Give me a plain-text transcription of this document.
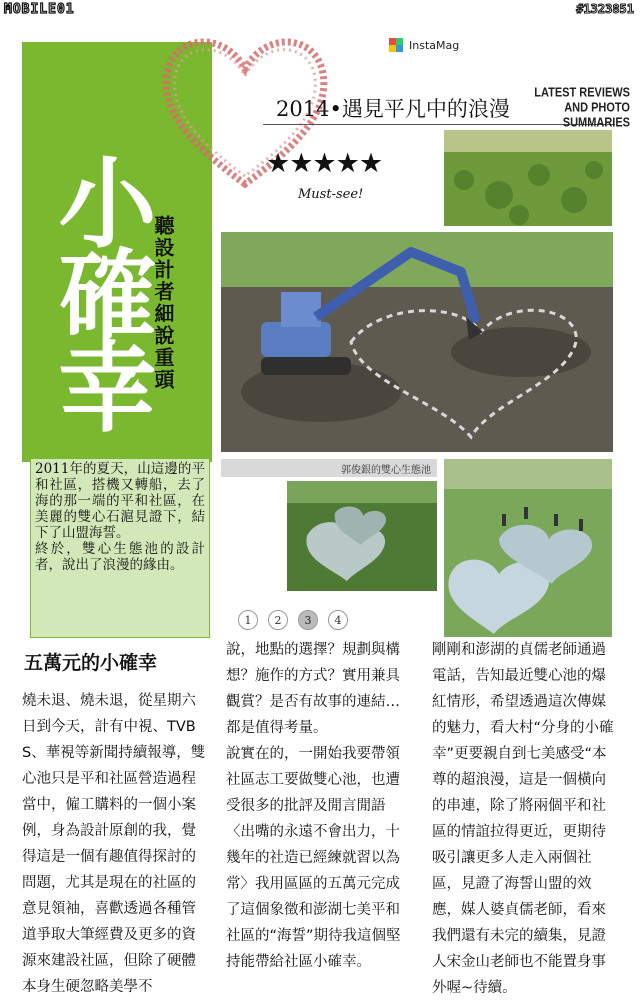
MOBILE01	#1323851
小確幸
聽設計者細說重頭

2011年的夏天，山這邊的平和社區，搭機又轉船，去了海的那一端的平和社區，在美麗的雙心石滬見證下，結下了山盟海誓。

終於，雙心生態池的設計者，說出了浪漫的緣由。

InstaMag
2014•遇見平凡中的浪漫
LATEST REVIEWS AND PHOTO SUMMARIES
★★★★★
Must-see!
郭俊銀的雙心生態池
1	2	3	4
五萬元的小確幸

燒未退、燒未退，從星期六日到今天，計有中視、TVBS、華視等新聞持續報導，雙心池只是平和社區營造過程當中，僱工購料的一個小案例，身為設計原創的我，覺得這是一個有趣值得探討的問題，尤其是現在的社區的意見領袖，喜歡透過各種管道爭取大筆經費及更多的資源來建設社區，但除了硬體本身生硬忽略美學不

說，地點的選擇？規劃與構想？施作的方式？實用兼具觀賞？是否有故事的連結…都是值得考量。

說實在的，一開始我要帶領社區志工要做雙心池，也遭受很多的批評及閒言閒語〈出嘴的永遠不會出力，十幾年的社造已經練就習以為常〉我用區區的五萬元完成了這個象徵和澎湖七美平和社區的“海誓”期待我這個堅持能帶給社區小確幸。

剛剛和澎湖的貞儒老師通過電話，告知最近雙心池的爆紅情形，希望透過這次傳媒的魅力，看大村“分身的小確幸”更要親自到七美感受“本尊的超浪漫，這是一個橫向的串連，除了將兩個平和社區的情誼拉得更近，更期待吸引讓更多人走入兩個社區，見證了海誓山盟的效應，媒人婆貞儒老師，看來我們還有未完的續集，見證人宋金山老師也不能置身事外喔~待續。
